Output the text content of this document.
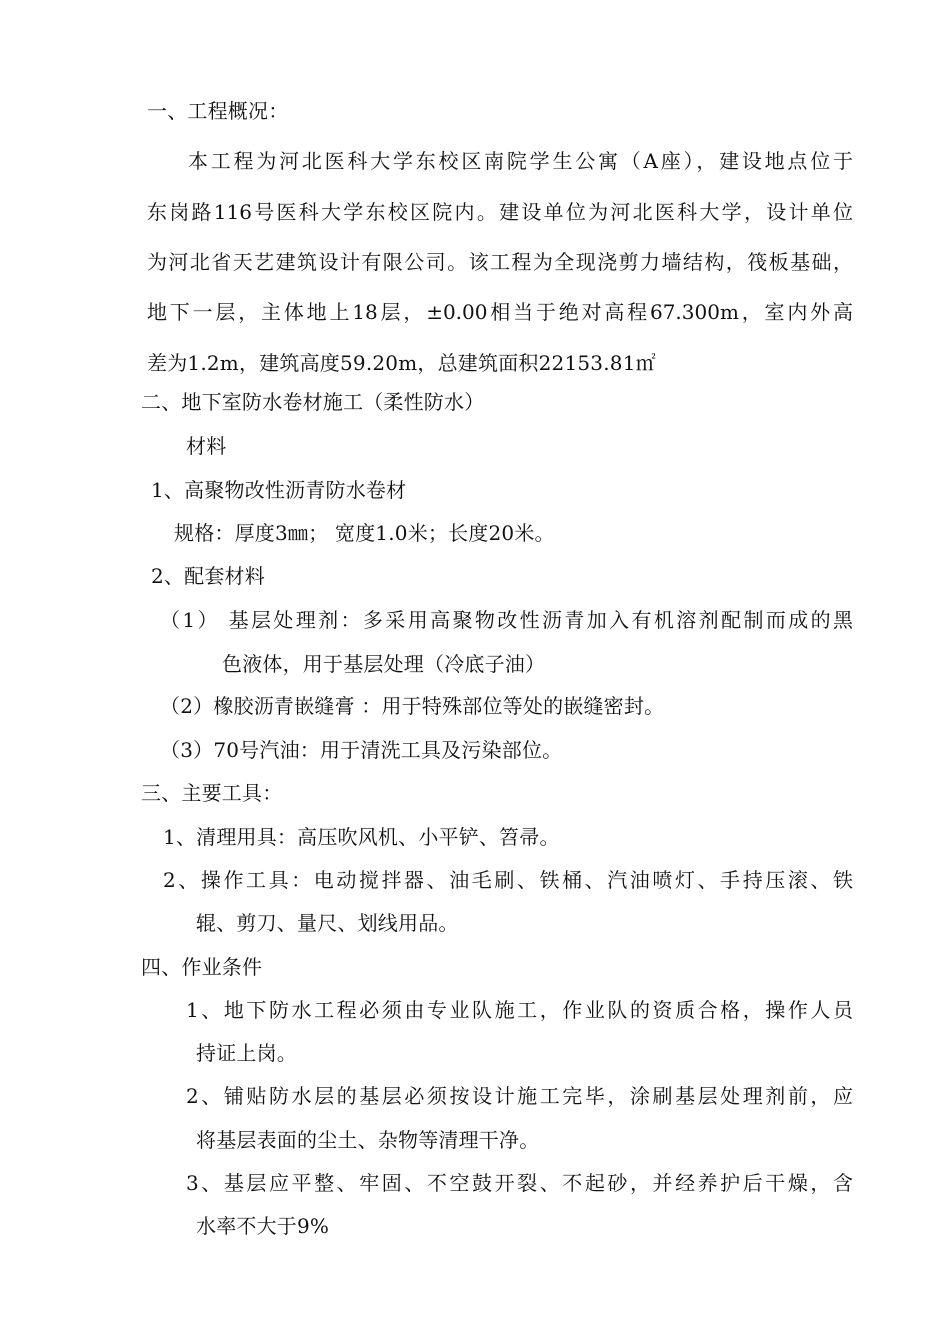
一、工程概况：
本工程为河北医科大学东校区南院学生公寓（A座），建设地点位于
东岗路116号医科大学东校区院内。建设单位为河北医科大学，设计单位
为河北省天艺建筑设计有限公司。该工程为全现浇剪力墙结构，筏板基础，
地下一层，主体地上18层，±0.00相当于绝对高程67.300m，室内外高
差为1.2m，建筑高度59.20m，总建筑面积22153.81㎡
二、地下室防水卷材施工（柔性防水）
材料
1、高聚物改性沥青防水卷材
规格：厚度3㎜； 宽度1.0米；长度20米。
2、配套材料
（1） 基层处理剂：多采用高聚物改性沥青加入有机溶剂配制而成的黑
色液体，用于基层处理（冷底子油）
（2）橡胶沥青嵌缝膏 ：用于特殊部位等处的嵌缝密封。
（3）70号汽油：用于清洗工具及污染部位。
三、主要工具：
1、清理用具：高压吹风机、小平铲、笤帚。
2、操作工具：电动搅拌器、油毛刷、铁桶、汽油喷灯、手持压滚、铁
辊、剪刀、量尺、划线用品。
四、作业条件
1、地下防水工程必须由专业队施工，作业队的资质合格，操作人员
持证上岗。
2、铺贴防水层的基层必须按设计施工完毕，涂刷基层处理剂前，应
将基层表面的尘土、杂物等清理干净。
3、基层应平整、牢固、不空鼓开裂、不起砂，并经养护后干燥，含
水率不大于9%
